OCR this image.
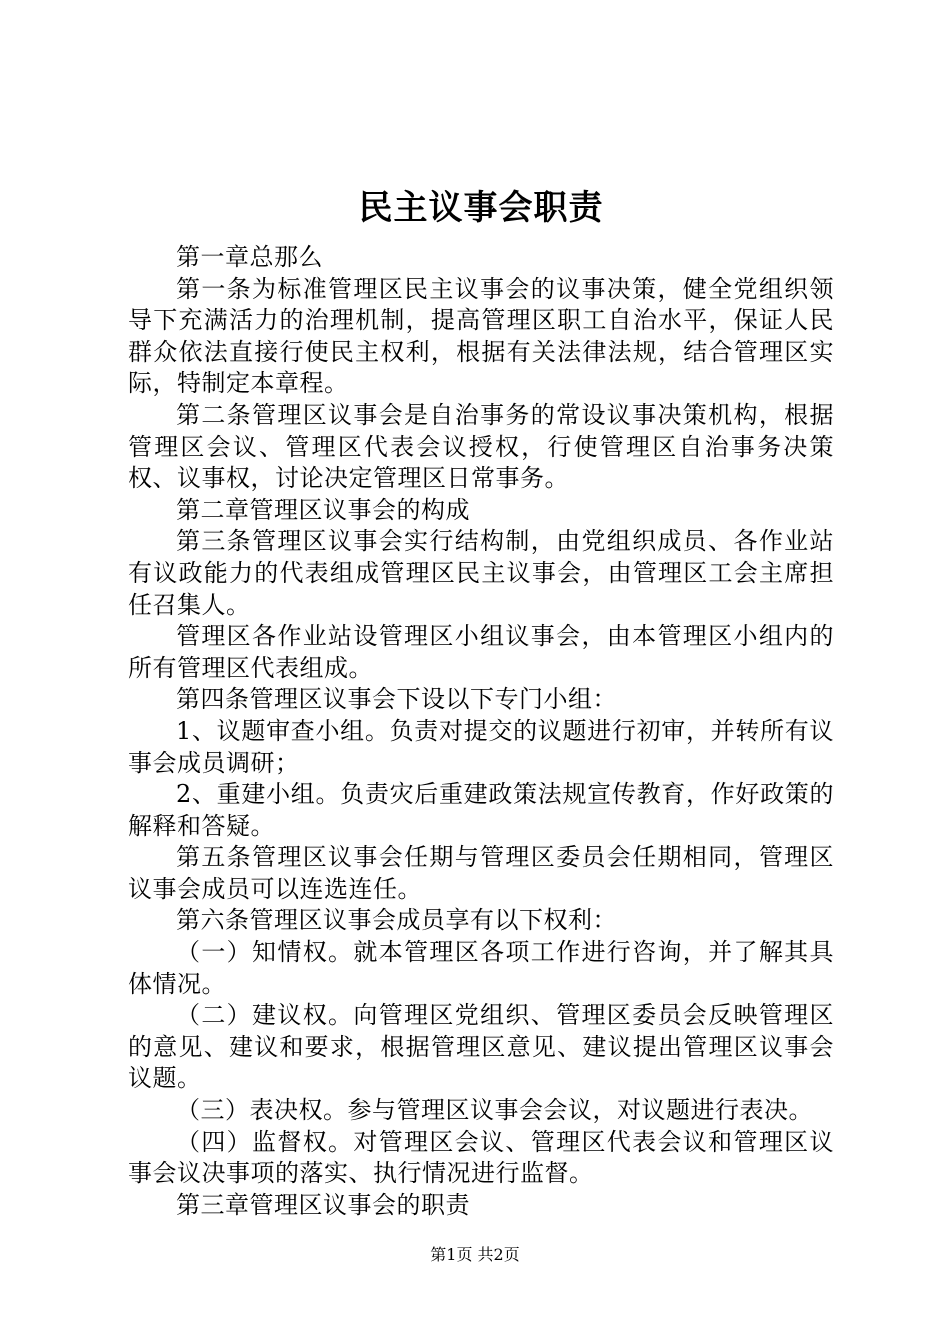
民主议事会职责

第一章总那么

第一条为标准管理区民主议事会的议事决策，健全党组织领导下充满活力的治理机制，提高管理区职工自治水平，保证人民群众依法直接行使民主权利，根据有关法律法规，结合管理区实际，特制定本章程。

第二条管理区议事会是自治事务的常设议事决策机构，根据管理区会议、管理区代表会议授权，行使管理区自治事务决策权、议事权，讨论决定管理区日常事务。

第二章管理区议事会的构成

第三条管理区议事会实行结构制，由党组织成员、各作业站有议政能力的代表组成管理区民主议事会，由管理区工会主席担任召集人。

管理区各作业站设管理区小组议事会，由本管理区小组内的所有管理区代表组成。

第四条管理区议事会下设以下专门小组：

1、议题审查小组。负责对提交的议题进行初审，并转所有议事会成员调研；

2、重建小组。负责灾后重建政策法规宣传教育，作好政策的解释和答疑。

第五条管理区议事会任期与管理区委员会任期相同，管理区议事会成员可以连选连任。

第六条管理区议事会成员享有以下权利：

（一）知情权。就本管理区各项工作进行咨询，并了解其具体情况。

（二）建议权。向管理区党组织、管理区委员会反映管理区的意见、建议和要求，根据管理区意见、建议提出管理区议事会议题。

（三）表决权。参与管理区议事会会议，对议题进行表决。

（四）监督权。对管理区会议、管理区代表会议和管理区议事会议决事项的落实、执行情况进行监督。

第三章管理区议事会的职责

第1页 共2页
